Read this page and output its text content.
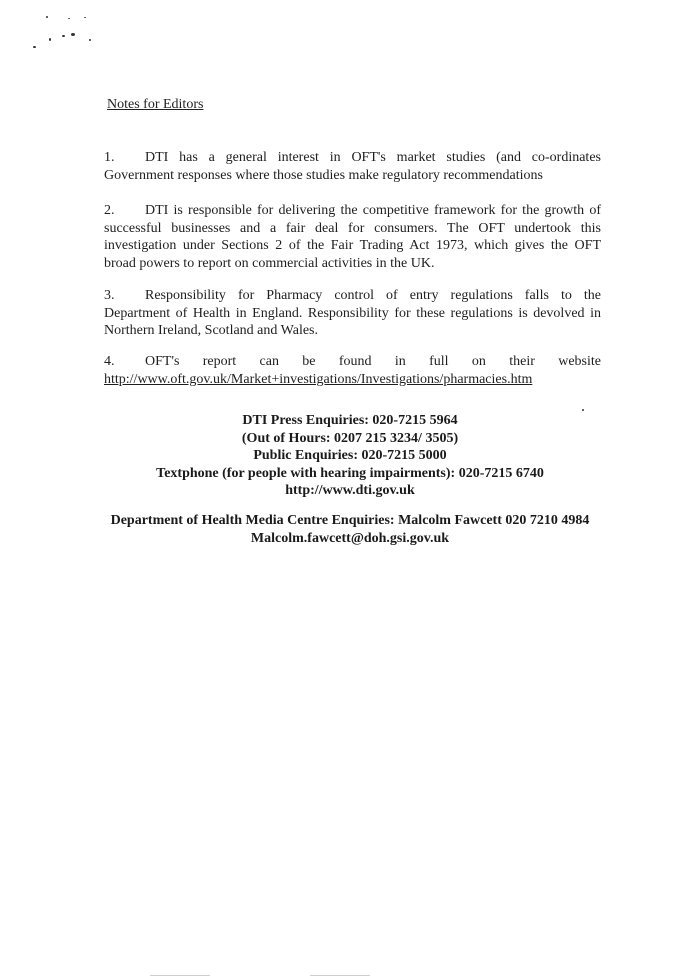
Notes for Editors
1. DTI has a general interest in OFT's market studies (and co-ordinates
Government responses where those studies make regulatory recommendations
2. DTI is responsible for delivering the competitive framework for the growth of
successful businesses and a fair deal for consumers. The OFT undertook this
investigation under Sections 2 of the Fair Trading Act 1973, which gives the OFT
broad powers to report on commercial activities in the UK.
3. Responsibility for Pharmacy control of entry regulations falls to the
Department of Health in England. Responsibility for these regulations is devolved in
Northern Ireland, Scotland and Wales.
4. OFT's report can be found in full on their website
http://www.oft.gov.uk/Market+investigations/Investigations/pharmacies.htm
DTI Press Enquiries: 020-7215 5964
(Out of Hours: 0207 215 3234/ 3505)
Public Enquiries: 020-7215 5000
Textphone (for people with hearing impairments): 020-7215 6740
http://www.dti.gov.uk
Department of Health Media Centre Enquiries: Malcolm Fawcett 020 7210 4984
Malcolm.fawcett@doh.gsi.gov.uk
